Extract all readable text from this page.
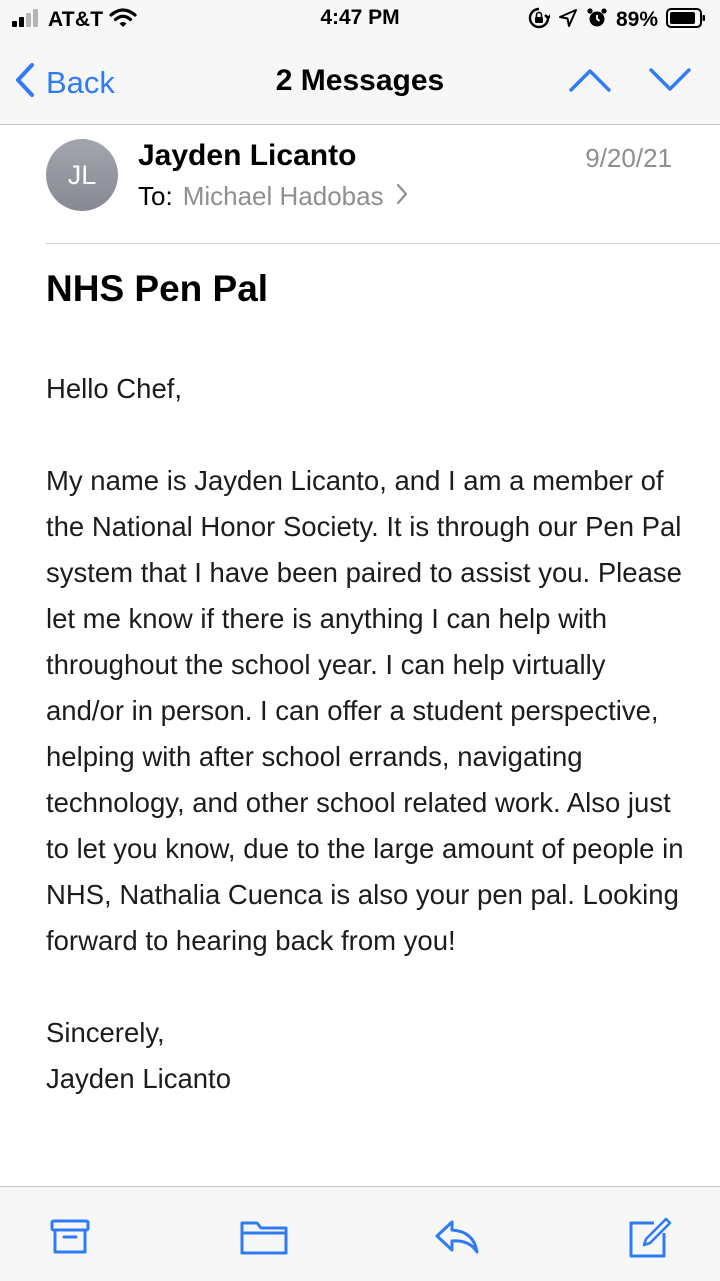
AT&T	4:47 PM	89%
Back	2 Messages
JL
Jayden Licanto
To: Michael Hadobas
9/20/21
NHS Pen Pal

Hello Chef,

My name is Jayden Licanto, and I am a member of the National Honor Society. It is through our Pen Pal system that I have been paired to assist you. Please let me know if there is anything I can help with throughout the school year. I can help virtually and/or in person. I can offer a student perspective, helping with after school errands, navigating technology, and other school related work. Also just to let you know, due to the large amount of people in NHS, Nathalia Cuenca is also your pen pal. Looking forward to hearing back from you!

Sincerely,
Jayden Licanto
